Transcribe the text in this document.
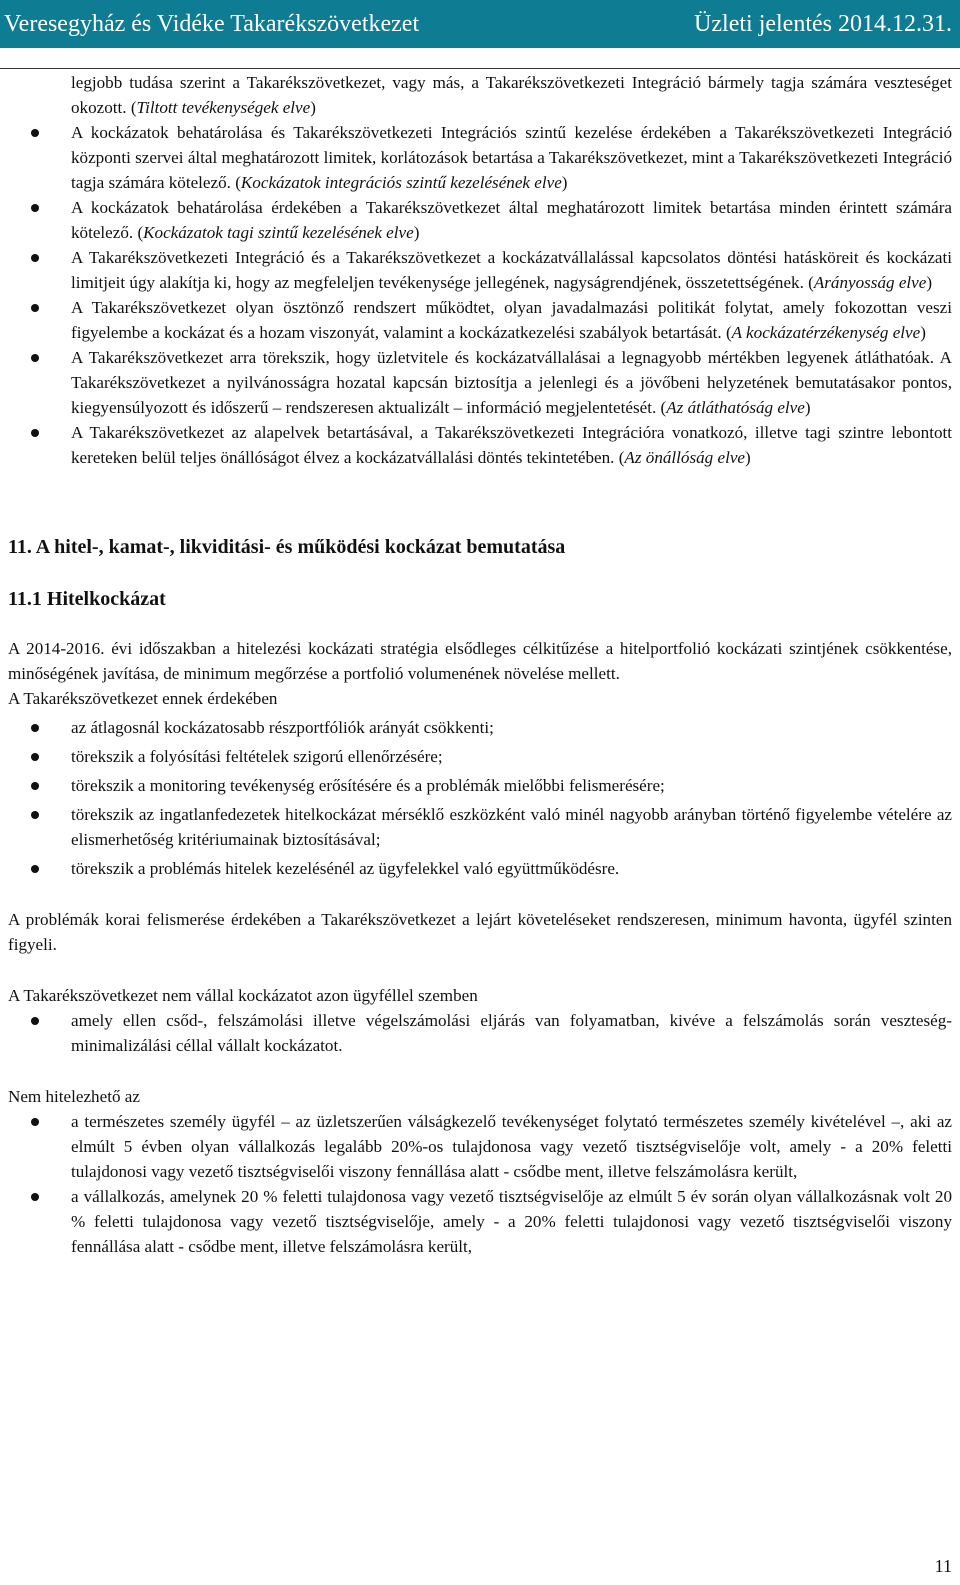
Veresegyház és Vidéke Takarékszövetkezet	Üzleti jelentés 2014.12.31.
legjobb tudása szerint a Takarékszövetkezet, vagy más, a Takarékszövetkezeti Integráció bármely tagja számára veszteséget okozott. (Tiltott tevékenységek elve)
A kockázatok behatárolása és Takarékszövetkezeti Integrációs szintű kezelése érdekében a Takarékszövetkezeti Integráció központi szervei által meghatározott limitek, korlátozások betartása a Takarékszövetkezet, mint a Takarékszövetkezeti Integráció tagja számára kötelező. (Kockázatok integrációs szintű kezelésének elve)
A kockázatok behatárolása érdekében a Takarékszövetkezet által meghatározott limitek betartása minden érintett számára kötelező. (Kockázatok tagi szintű kezelésének elve)
A Takarékszövetkezeti Integráció és a Takarékszövetkezet a kockázatvállalással kapcsolatos döntési hatásköreit és kockázati limitjeit úgy alakítja ki, hogy az megfeleljen tevékenysége jellegének, nagyságrendjének, összetettségének. (Arányosság elve)
A Takarékszövetkezet olyan ösztönző rendszert működtet, olyan javadalmazási politikát folytat, amely fokozottan veszi figyelembe a kockázat és a hozam viszonyát, valamint a kockázatkezelési szabályok betartását. (A kockázatérzékenység elve)
A Takarékszövetkezet arra törekszik, hogy üzletvitele és kockázatvállalásai a legnagyobb mértékben legyenek átláthatóak. A Takarékszövetkezet a nyilvánosságra hozatal kapcsán biztosítja a jelenlegi és a jövőbeni helyzetének bemutatásakor pontos, kiegyensúlyozott és időszerű – rendszeresen aktualizált – információ megjelentetését. (Az átláthatóság elve)
A Takarékszövetkezet az alapelvek betartásával, a Takarékszövetkezeti Integrációra vonatkozó, illetve tagi szintre lebontott kereteken belül teljes önállóságot élvez a kockázatvállalási döntés tekintetében. (Az önállóság elve)
11. A hitel-, kamat-, likviditási- és működési kockázat bemutatása
11.1 Hitelkockázat

A 2014-2016. évi időszakban a hitelezési kockázati stratégia elsődleges célkitűzése a hitelportfolió kockázati szintjének csökkentése, minőségének javítása, de minimum megőrzése a portfolió volumenének növelése mellett.

A Takarékszövetkezet ennek érdekében

az átlagosnál kockázatosabb részportfóliók arányát csökkenti;
törekszik a folyósítási feltételek szigorú ellenőrzésére;
törekszik a monitoring tevékenység erősítésére és a problémák mielőbbi felismerésére;
törekszik az ingatlanfedezetek hitelkockázat mérséklő eszközként való minél nagyobb arányban történő figyelembe vételére az elismerhetőség kritériumainak biztosításával;
törekszik a problémás hitelek kezelésénél az ügyfelekkel való együttműködésre.

A problémák korai felismerése érdekében a Takarékszövetkezet a lejárt követeléseket rendszeresen, minimum havonta, ügyfél szinten figyeli.

A Takarékszövetkezet nem vállal kockázatot azon ügyféllel szemben

amely ellen csőd-, felszámolási illetve végelszámolási eljárás van folyamatban, kivéve a felszámolás során veszteség-minimalizálási céllal vállalt kockázatot.

Nem hitelezhető az

a természetes személy ügyfél – az üzletszerűen válságkezelő tevékenységet folytató természetes személy kivételével –, aki az elmúlt 5 évben olyan vállalkozás legalább 20%-os tulajdonosa vagy vezető tisztségviselője volt, amely - a 20% feletti tulajdonosi vagy vezető tisztségviselői viszony fennállása alatt - csődbe ment, illetve felszámolásra került,
a vállalkozás, amelynek 20 % feletti tulajdonosa vagy vezető tisztségviselője az elmúlt 5 év során olyan vállalkozásnak volt 20 % feletti tulajdonosa vagy vezető tisztségviselője, amely - a 20% feletti tulajdonosi vagy vezető tisztségviselői viszony fennállása alatt - csődbe ment, illetve felszámolásra került,
11
